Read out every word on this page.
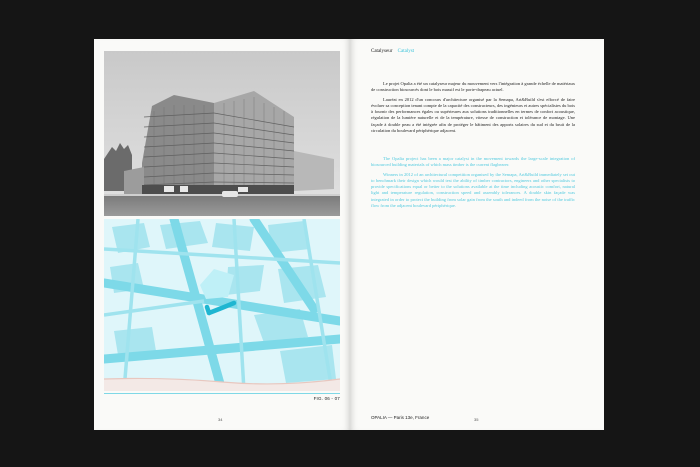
FIG. 06 - 07
34
Catalyseur Catalyst

Le projet Opalia a été un catalyseur majeur du mouvement vers l'intégration à grande échelle de matériaux de construction biosourcés dont le bois massif est le porte-drapeau actuel.

Lauréat en 2012 d'un concours d'architecture organisé par la Semapa, Art&Build s'est efforcé de faire évoluer sa conception tenant compte de la capacité des constructeurs, des ingénieurs et autres spécialistes du bois à fournir des performances égales ou supérieures aux solutions traditionnelles en termes de confort acoustique, régulation de la lumière naturelle et de la température, vitesse de construction et tolérance de montage. Une façade à double peau a été intégrée afin de protéger le bâtiment des apports solaires du sud et du bruit de la circulation du boulevard périphérique adjacent.

The Opalia project has been a major catalyst in the movement towards the large-scale integration of biosourced building materials of which mass timber is the current flagbearer.

Winners in 2012 of an architectural competition organised by the Semapa, Art&Build immediately set out to benchmark their design which would test the ability of timber contractors, engineers and other specialists to provide specifications equal or better to the solutions available at the time including acoustic comfort, natural light and temperature regulation, construction speed and assembly tolerances. A double skin façade was integrated in order to protect the building from solar gain from the south and indeed from the noise of the traffic flow from the adjacent boulevard périphérique.

OPALIA — Paris 13e, France	35
